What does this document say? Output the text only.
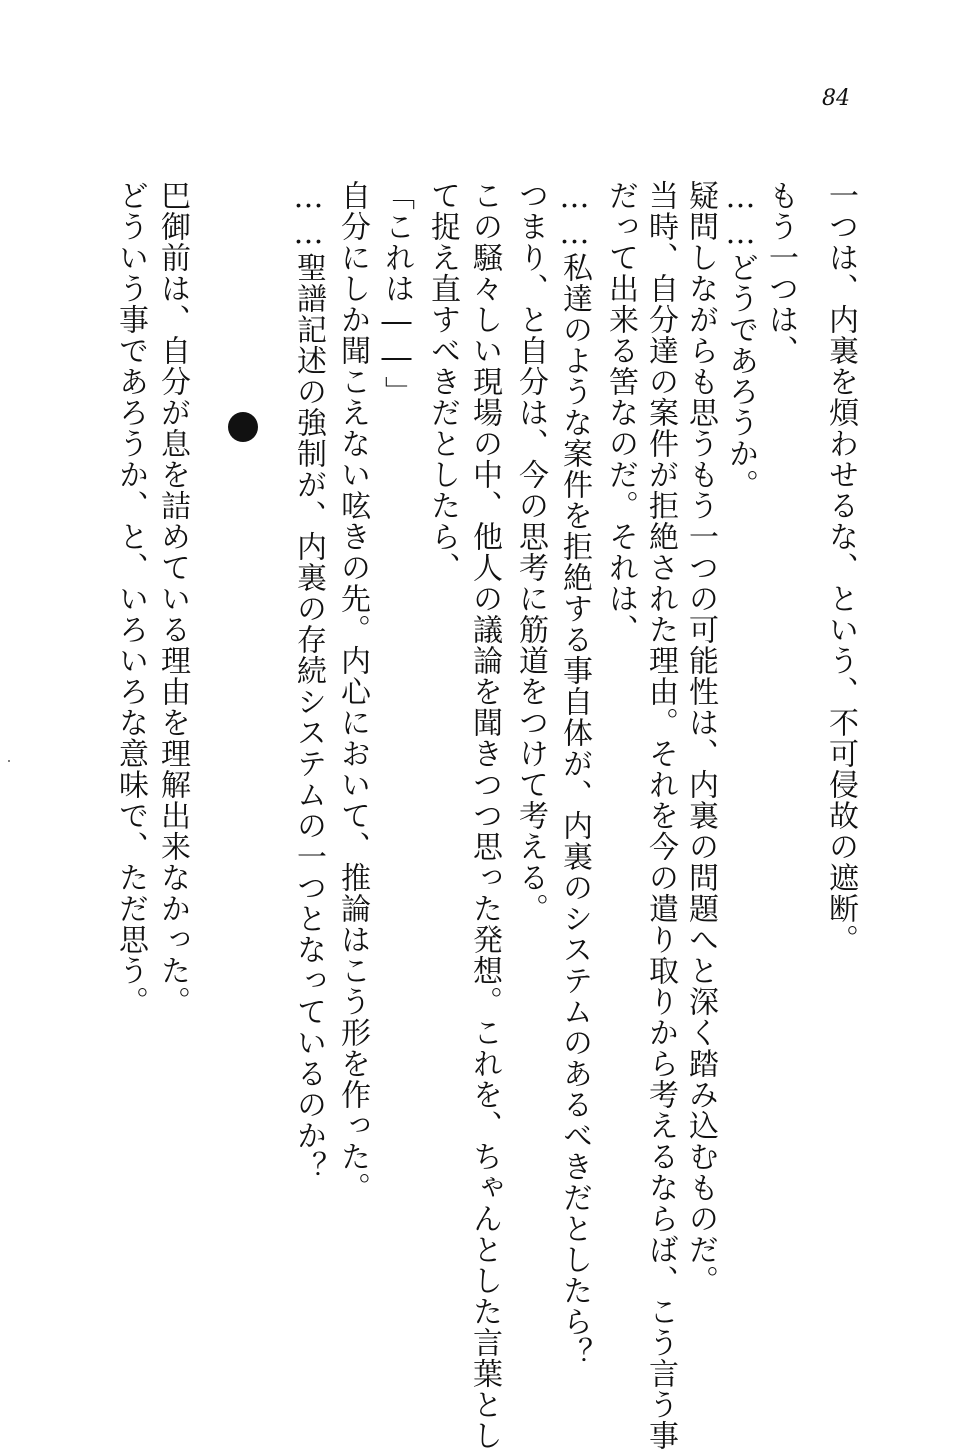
84
一つは、内裏を煩わせるな、という、不可侵故の遮断。
もう一つは、
……どうであろうか。
疑問しながらも思うもう一つの可能性は、内裏の問題へと深く踏み込むものだ。
当時、自分達の案件が拒絶された理由。それを今の遣り取りから考えるならば、こう言う事
だって出来る筈なのだ。それは、
……私達のような案件を拒絶する事自体が、内裏のシステムのあるべきだとしたら？
つまり、と自分は、今の思考に筋道をつけて考える。
この騒々しい現場の中、他人の議論を聞きつつ思った発想。これを、ちゃんとした言葉とし
て捉え直すべきだとしたら、
「これは――」
自分にしか聞こえない呟きの先。内心において、推論はこう形を作った。
……聖譜記述の強制が、内裏の存続システムの一つとなっているのか？
巴御前は、自分が息を詰めている理由を理解出来なかった。
どういう事であろうか、と、いろいろな意味で、ただ思う。
